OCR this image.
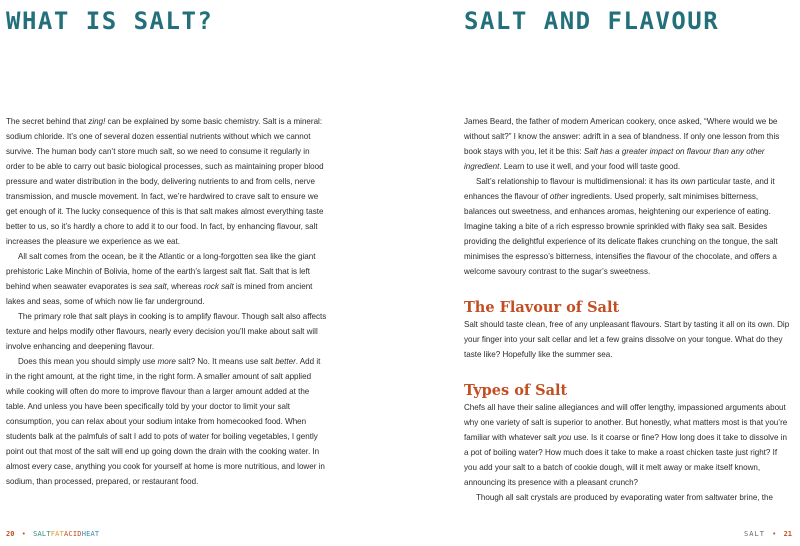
WHAT IS SALT?

The secret behind that zing! can be explained by some basic chemistry. Salt is a mineral: sodium chloride. It’s one of several dozen essential nutrients without which we cannot survive. The human body can’t store much salt, so we need to consume it regularly in order to be able to carry out basic biological processes, such as maintaining proper blood pressure and water distribution in the body, delivering nutrients to and from cells, nerve transmission, and muscle movement. In fact, we’re hardwired to crave salt to ensure we get enough of it. The lucky consequence of this is that salt makes almost everything taste better to us, so it’s hardly a chore to add it to our food. In fact, by enhancing flavour, salt increases the pleasure we experience as we eat.

All salt comes from the ocean, be it the Atlantic or a long-forgotten sea like the giant prehistoric Lake Minchin of Bolivia, home of the earth’s largest salt flat. Salt that is left behind when seawater evaporates is sea salt, whereas rock salt is mined from ancient lakes and seas, some of which now lie far underground.

The primary role that salt plays in cooking is to amplify flavour. Though salt also affects texture and helps modify other flavours, nearly every decision you’ll make about salt will involve enhancing and deepening flavour.

Does this mean you should simply use more salt? No. It means use salt better. Add it in the right amount, at the right time, in the right form. A smaller amount of salt applied while cooking will often do more to improve flavour than a larger amount added at the table. And unless you have been specifically told by your doctor to limit your salt consumption, you can relax about your sodium intake from homecooked food. When students balk at the palmfuls of salt I add to pots of water for boiling vegetables, I gently point out that most of the salt will end up going down the drain with the cooking water. In almost every case, anything you cook for yourself at home is more nutritious, and lower in sodium, than processed, prepared, or restaurant food.

20 • SALTFATACIDHEAT
SALT AND FLAVOUR

James Beard, the father of modern American cookery, once asked, “Where would we be without salt?” I know the answer: adrift in a sea of blandness. If only one lesson from this book stays with you, let it be this: Salt has a greater impact on flavour than any other ingredient. Learn to use it well, and your food will taste good.

Salt’s relationship to flavour is multidimensional: it has its own particular taste, and it enhances the flavour of other ingredients. Used properly, salt minimises bitterness, balances out sweetness, and enhances aromas, heightening our experience of eating. Imagine taking a bite of a rich espresso brownie sprinkled with flaky sea salt. Besides providing the delightful experience of its delicate flakes crunching on the tongue, the salt minimises the espresso’s bitterness, intensifies the flavour of the chocolate, and offers a welcome savoury contrast to the sugar’s sweetness.

The Flavour of Salt

Salt should taste clean, free of any unpleasant flavours. Start by tasting it all on its own. Dip your finger into your salt cellar and let a few grains dissolve on your tongue. What do they taste like? Hopefully like the summer sea.

Types of Salt

Chefs all have their saline allegiances and will offer lengthy, impassioned arguments about why one variety of salt is superior to another. But honestly, what matters most is that you’re familiar with whatever salt you use. Is it coarse or fine? How long does it take to dissolve in a pot of boiling water? How much does it take to make a roast chicken taste just right? If you add your salt to a batch of cookie dough, will it melt away or make itself known, announcing its presence with a pleasant crunch?

Though all salt crystals are produced by evaporating water from saltwater brine, the

SALT • 21
